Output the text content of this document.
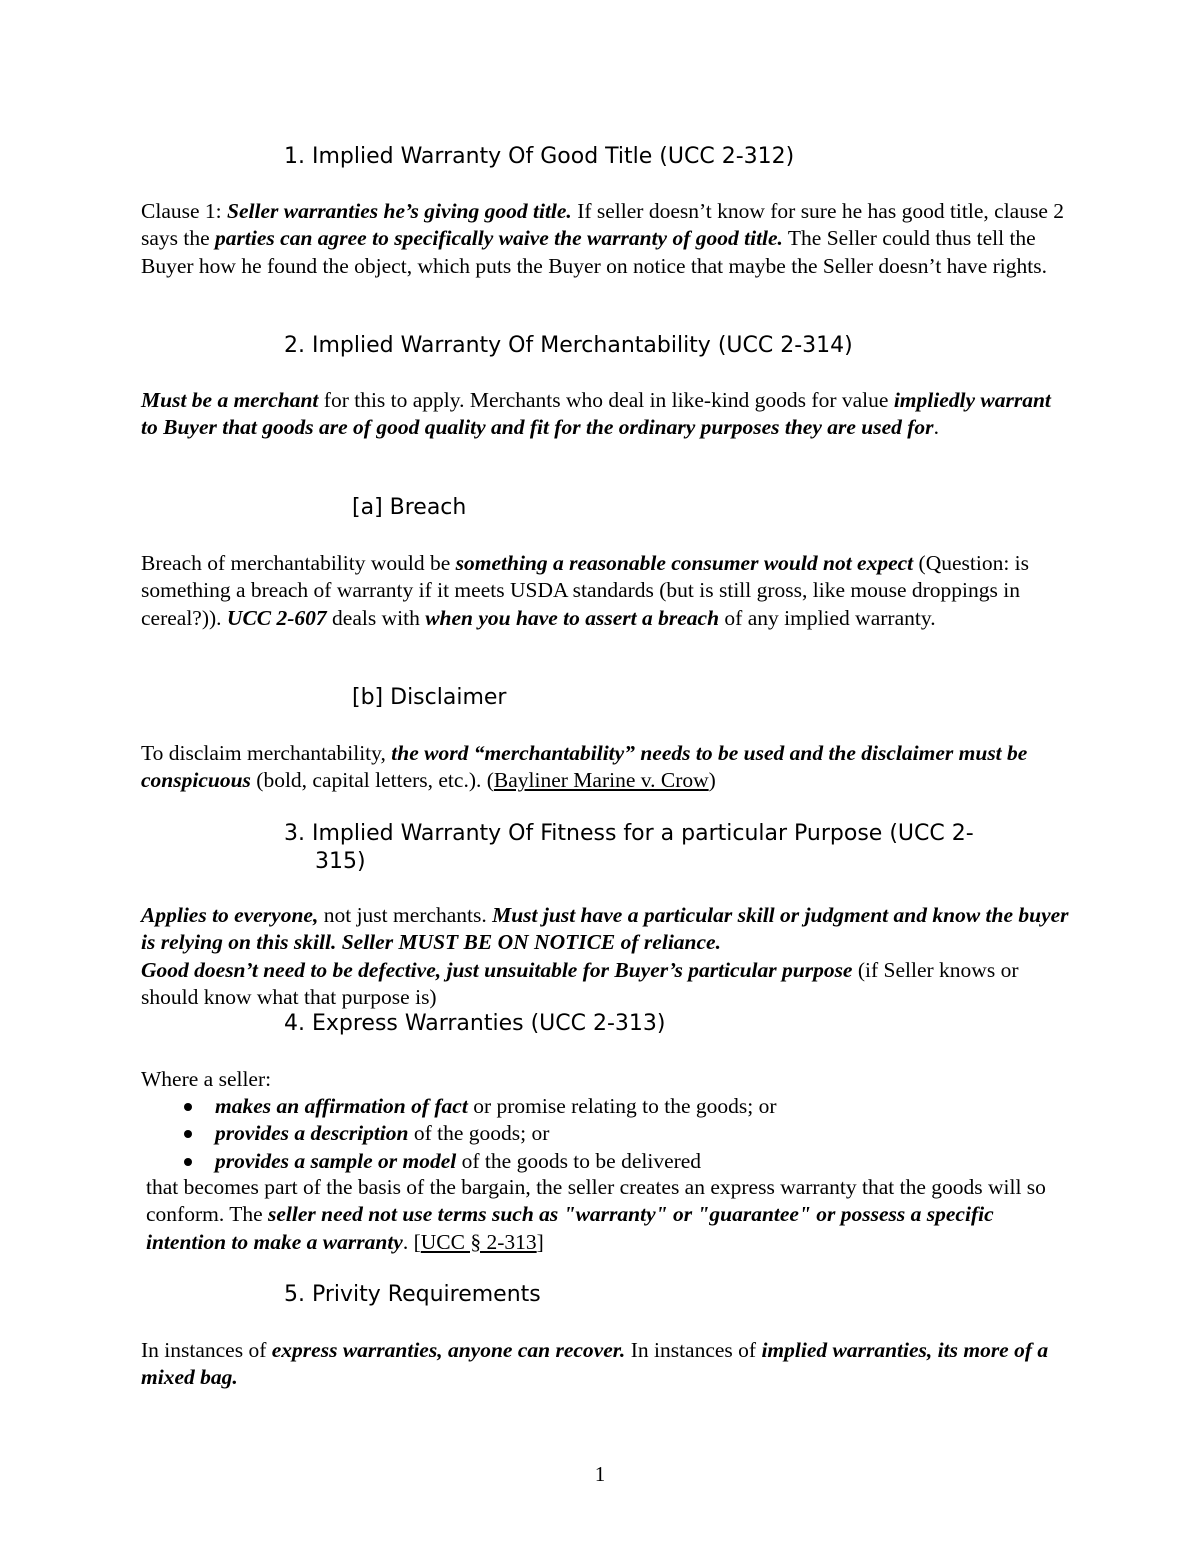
1. Implied Warranty Of Good Title (UCC 2-312)
Clause 1: Seller warranties he’s giving good title. If seller doesn’t know for sure he has good title, clause 2 says the parties can agree to specifically waive the warranty of good title. The Seller could thus tell the Buyer how he found the object, which puts the Buyer on notice that maybe the Seller doesn’t have rights.
2. Implied Warranty Of Merchantability (UCC 2-314)
Must be a merchant for this to apply. Merchants who deal in like-kind goods for value impliedly warrant to Buyer that goods are of good quality and fit for the ordinary purposes they are used for.
[a] Breach
Breach of merchantability would be something a reasonable consumer would not expect (Question: is something a breach of warranty if it meets USDA standards (but is still gross, like mouse droppings in cereal?)). UCC 2-607 deals with when you have to assert a breach of any implied warranty.
[b] Disclaimer
To disclaim merchantability, the word “merchantability” needs to be used and the disclaimer must be conspicuous (bold, capital letters, etc.). (Bayliner Marine v. Crow)
3. Implied Warranty Of Fitness for a particular Purpose (UCC 2-
315)
Applies to everyone, not just merchants. Must just have a particular skill or judgment and know the buyer is relying on this skill. Seller MUST BE ON NOTICE of reliance.
Good doesn’t need to be defective, just unsuitable for Buyer’s particular purpose (if Seller knows or should know what that purpose is)
4. Express Warranties (UCC 2-313)
Where a seller:
makes an affirmation of fact or promise relating to the goods; or
provides a description of the goods; or
provides a sample or model of the goods to be delivered
that becomes part of the basis of the bargain, the seller creates an express warranty that the goods will so conform. The seller need not use terms such as "warranty" or "guarantee" or possess a specific intention to make a warranty. [UCC § 2-313]
5. Privity Requirements
In instances of express warranties, anyone can recover. In instances of implied warranties, its more of a mixed bag.
1
